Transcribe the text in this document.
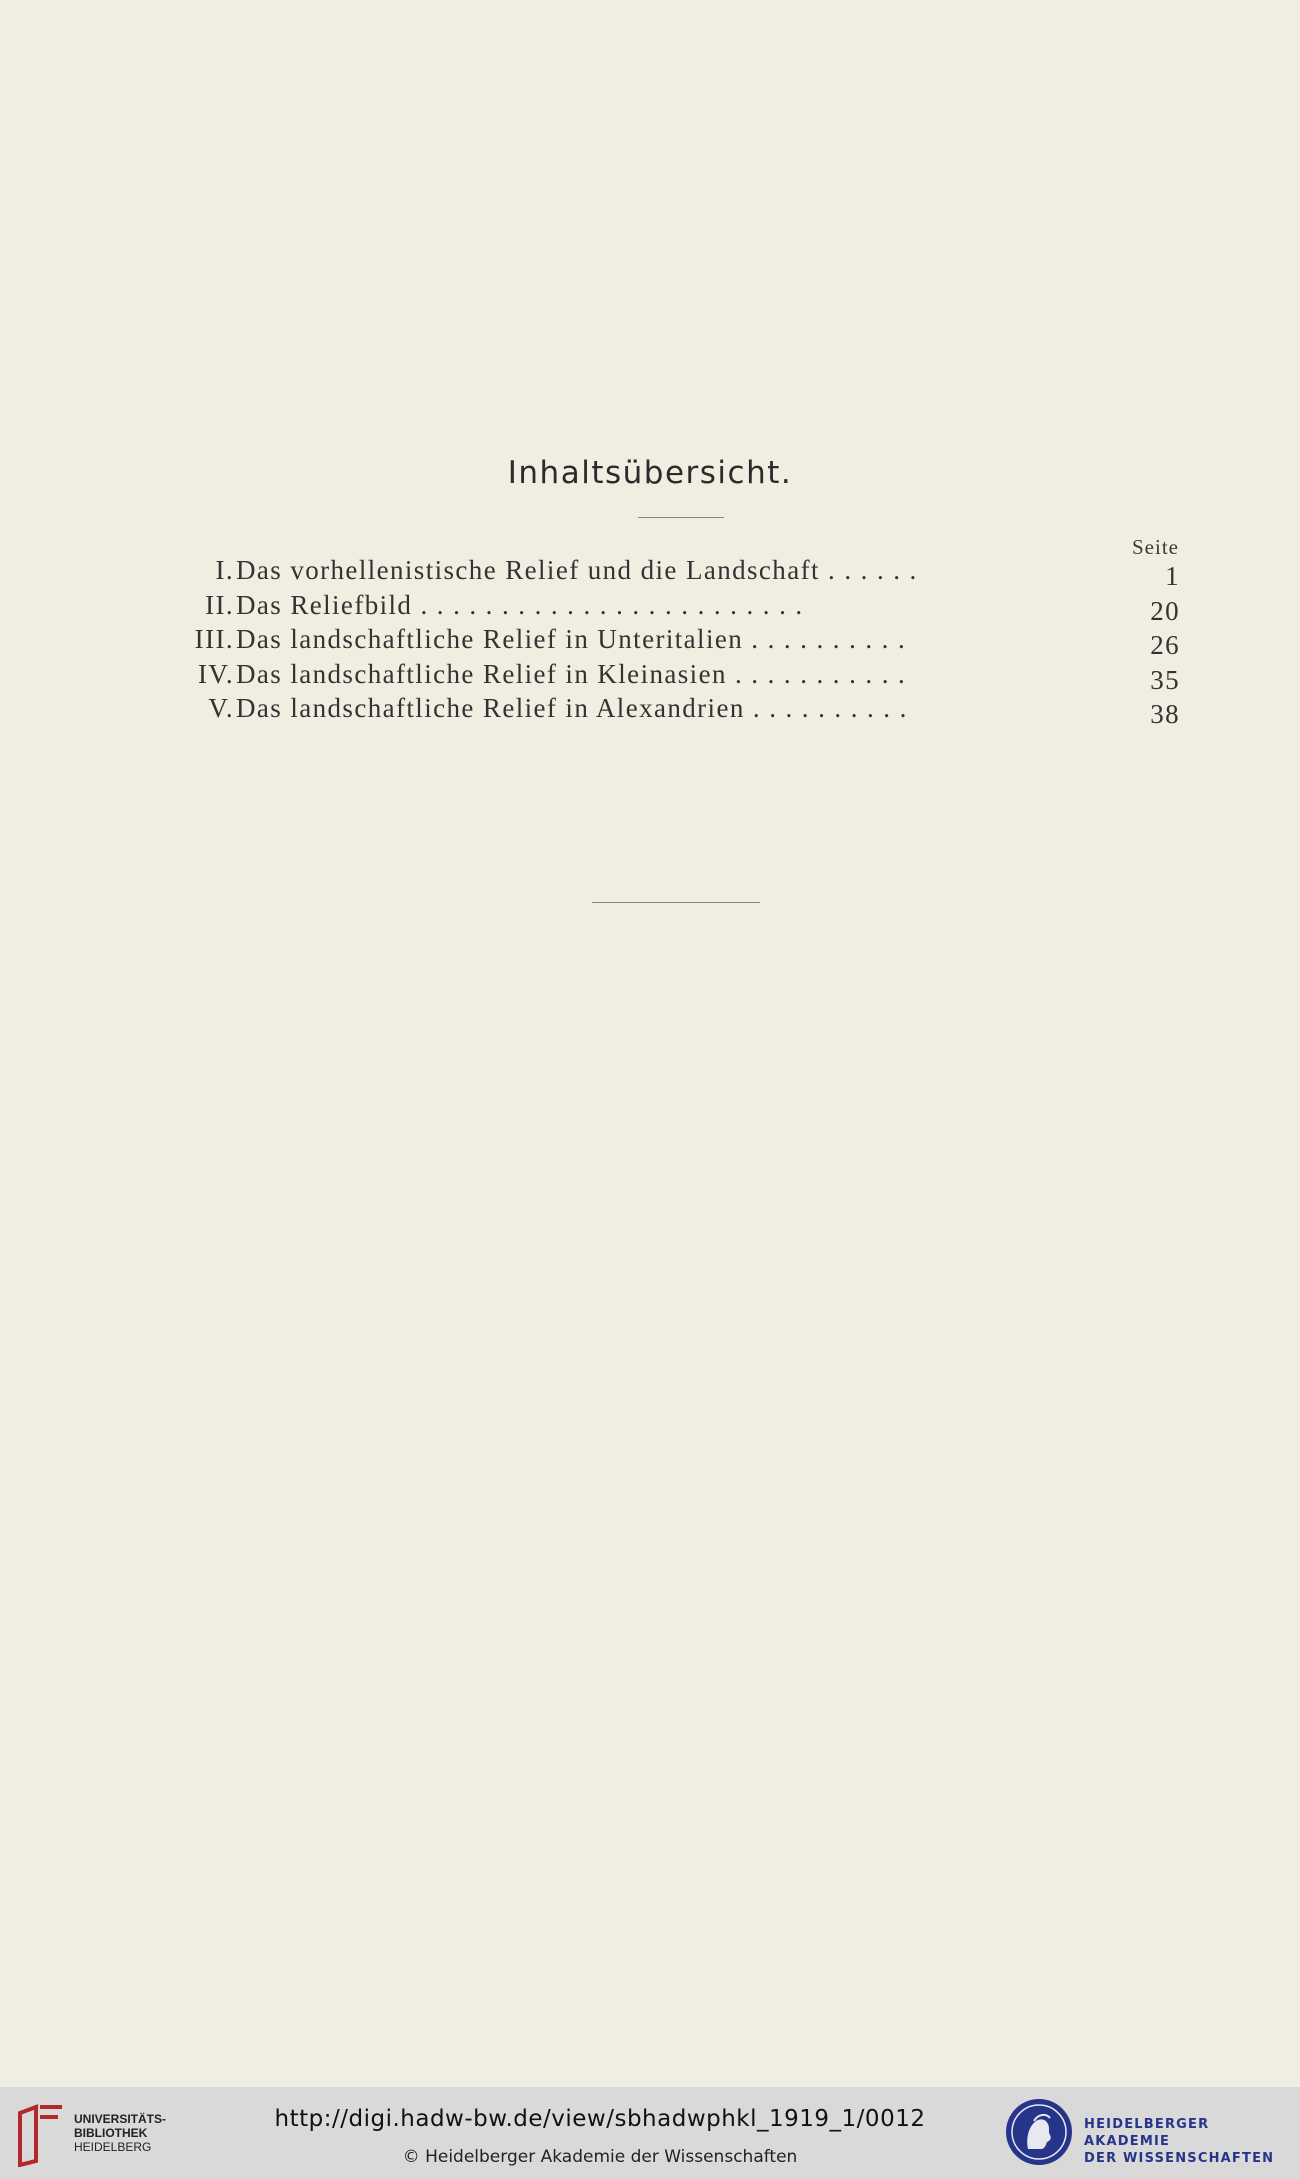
Inhaltsübersicht.
Seite
I. Das vorhellenistische Relief und die Landschaft . . . . . .	1
II. Das Reliefbild . . . . . . . . . . . . . . . . . . . . . . . .	20
III. Das landschaftliche Relief in Unteritalien . . . . . . . . . .	26
IV. Das landschaftliche Relief in Kleinasien . . . . . . . . . . .	35
V. Das landschaftliche Relief in Alexandrien . . . . . . . . . .	38
UNIVERSITÄTS-
BIBLIOTHEK
HEIDELBERG
http://digi.hadw-bw.de/view/sbhadwphkl_1919_1/0012
© Heidelberger Akademie der Wissenschaften
HEIDELBERGER AKADEMIE
DER WISSENSCHAFTEN
